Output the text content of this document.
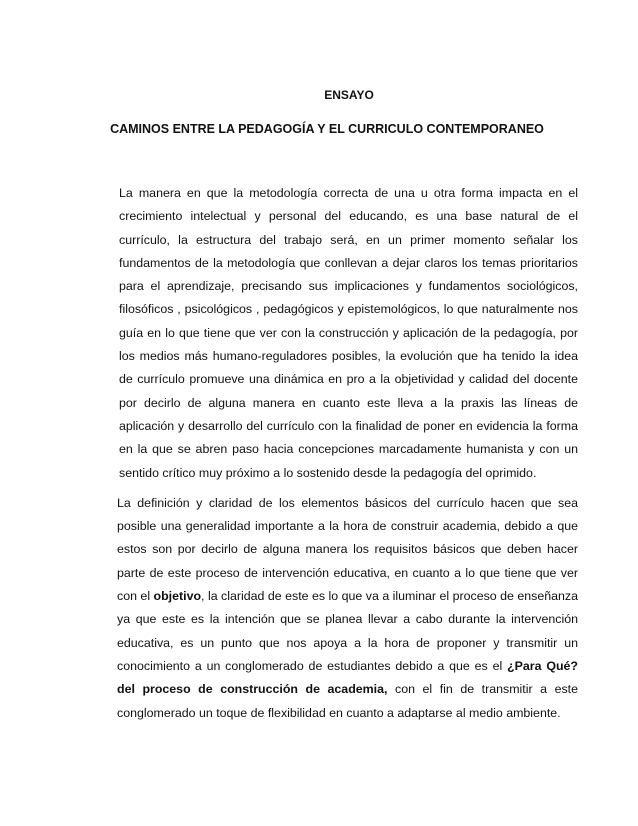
ENSAYO
CAMINOS ENTRE LA PEDAGOGÍA Y EL CURRICULO CONTEMPORANEO

La manera en que la metodología correcta de una u otra forma impacta en el crecimiento intelectual y personal del educando, es una base natural de el currículo, la estructura del trabajo será, en un primer momento señalar los fundamentos de la metodología que conllevan a dejar claros los temas prioritarios para el aprendizaje, precisando sus implicaciones y fundamentos sociológicos, filosóficos , psicológicos , pedagógicos y epistemológicos, lo que naturalmente nos guía en lo que tiene que ver con la construcción y aplicación de la pedagogía, por los medios más humano-reguladores posibles, la evolución que ha tenido la idea de currículo promueve una dinámica en pro a la objetividad y calidad del docente por decirlo de alguna manera en cuanto este lleva a la praxis las líneas de aplicación y desarrollo del currículo con la finalidad de poner en evidencia la forma en la que se abren paso hacia concepciones marcadamente humanista y con un sentido crítico muy próximo a lo sostenido desde la pedagogía del oprimido.

La definición y claridad de los elementos básicos del currículo hacen que sea posible una generalidad importante a la hora de construir academia, debido a que estos son por decirlo de alguna manera los requisitos básicos que deben hacer parte de este proceso de intervención educativa, en cuanto a lo que tiene que ver con el objetivo, la claridad de este es lo que va a iluminar el proceso de enseñanza ya que este es la intención que se planea llevar a cabo durante la intervención educativa, es un punto que nos apoya a la hora de proponer y transmitir un conocimiento a un conglomerado de estudiantes debido a que es el ¿Para Qué? del proceso de construcción de academia, con el fin de transmitir a este conglomerado un toque de flexibilidad en cuanto a adaptarse al medio ambiente.
